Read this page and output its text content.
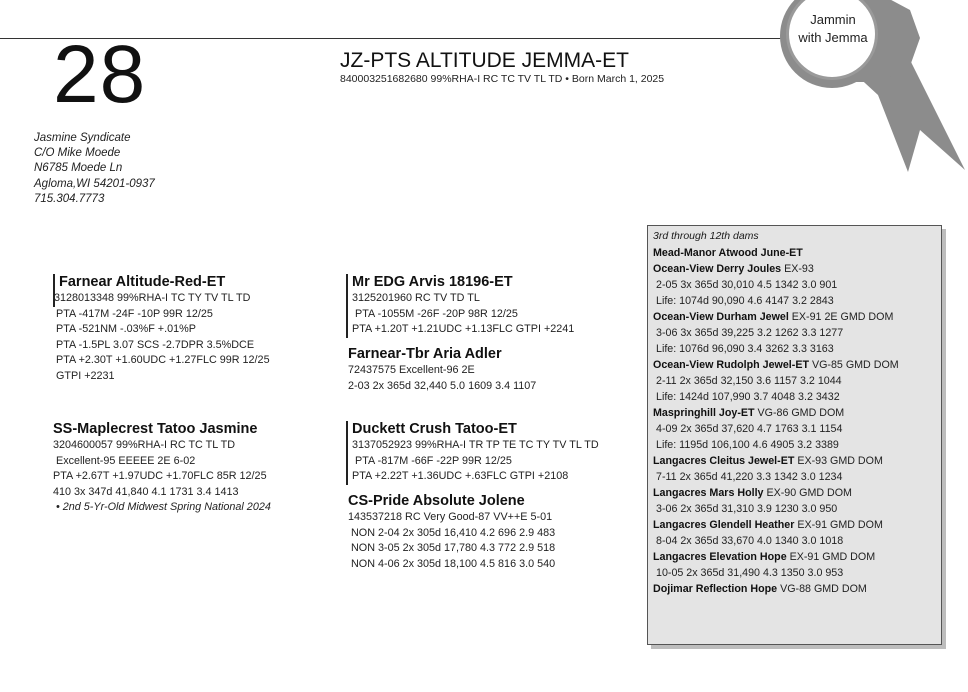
28
Jasmine Syndicate
C/O Mike Moede
N6785 Moede Ln
Agloma,WI 54201-0937
715.304.7773
JZ-PTS ALTITUDE JEMMA-ET
840003251682680 99%RHA-I RC TC TV TL TD • Born March 1, 2025
Jammin
with Jemma
Farnear Altitude-Red-ET
3128013348 99%RHA-I TC TY TV TL TD
PTA -417M -24F -10P 99R 12/25
PTA -521NM -.03%F +.01%P
PTA -1.5PL 3.07 SCS -2.7DPR 3.5%DCE
PTA +2.30T +1.60UDC +1.27FLC 99R 12/25
GTPI +2231
SS-Maplecrest Tatoo Jasmine
3204600057 99%RHA-I RC TC TL TD
Excellent-95 EEEEE 2E 6-02
PTA +2.67T +1.97UDC +1.70FLC 85R 12/25
410 3x 347d 41,840 4.1 1731 3.4 1413
• 2nd 5-Yr-Old Midwest Spring National 2024
Mr EDG Arvis 18196-ET
3125201960 RC TV TD TL
PTA -1055M -26F -20P 98R 12/25
PTA +1.20T +1.21UDC +1.13FLC GTPI +2241
Farnear-Tbr Aria Adler
72437575 Excellent-96 2E
2-03 2x 365d 32,440 5.0 1609 3.4 1107
Duckett Crush Tatoo-ET
3137052923 99%RHA-I TR TP TE TC TY TV TL TD
PTA -817M -66F -22P 99R 12/25
PTA +2.22T +1.36UDC +.63FLC GTPI +2108
CS-Pride Absolute Jolene
143537218 RC Very Good-87 VV++E 5-01
NON 2-04 2x 305d 16,410 4.2 696 2.9 483
NON 3-05 2x 305d 17,780 4.3 772 2.9 518
NON 4-06 2x 305d 18,100 4.5 816 3.0 540
3rd through 12th dams
Mead-Manor Atwood June-ET
Ocean-View Derry Joules EX-93
2-05 3x 365d 30,010 4.5 1342 3.0 901
Life: 1074d 90,090 4.6 4147 3.2 2843
Ocean-View Durham Jewel EX-91 2E GMD DOM
3-06 3x 365d 39,225 3.2 1262 3.3 1277
Life: 1076d 96,090 3.4 3262 3.3 3163
Ocean-View Rudolph Jewel-ET VG-85 GMD DOM
2-11 2x 365d 32,150 3.6 1157 3.2 1044
Life: 1424d 107,990 3.7 4048 3.2 3432
Maspringhill Joy-ET VG-86 GMD DOM
4-09 2x 365d 37,620 4.7 1763 3.1 1154
Life: 1195d 106,100 4.6 4905 3.2 3389
Langacres Cleitus Jewel-ET EX-93 GMD DOM
7-11 2x 365d 41,220 3.3 1342 3.0 1234
Langacres Mars Holly EX-90 GMD DOM
3-06 2x 365d 31,310 3.9 1230 3.0 950
Langacres Glendell Heather EX-91 GMD DOM
8-04 2x 365d 33,670 4.0 1340 3.0 1018
Langacres Elevation Hope EX-91 GMD DOM
10-05 2x 365d 31,490 4.3 1350 3.0 953
Dojimar Reflection Hope VG-88 GMD DOM
